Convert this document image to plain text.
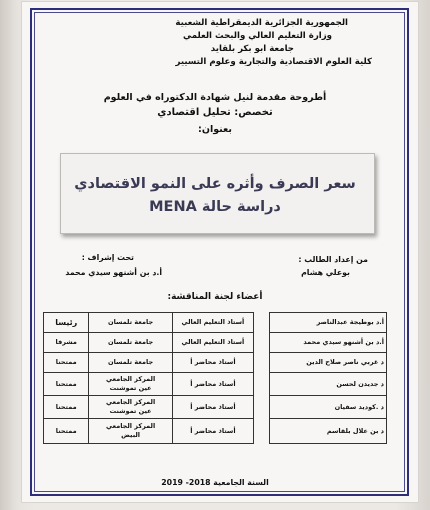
الجمهورية الجزائرية الديمقراطية الشعبية
وزارة التعليم العالي والبحث العلمي
جامعة ابو بكر بلقايد
كلية العلوم الاقتصادية والتجارية وعلوم التسيير
أطروحة مقدمة لنيل شهادة الدكتوراه في العلوم
تخصص: تحليل اقتصادي
بعنوان:
سعر الصرف وأثره على النمو الاقتصادي
دراسة حالة MENA
من إعداد الطالب :
بوعلي هشام
تحت إشراف :
أ.د بن أشنهو سيدي محمد
أعضاء لجنة المناقشة:
أ.د بوطيجة عبدالناصر		أستاذ التعليم العالي	جامعة تلمسان	رئيسا
أ.د بن أشنهو سيدي محمد		أستاذ التعليم العالي	جامعة تلمسان	مشرفا
د غربي ناصر صلاح الدين		أستاذ محاضر أ	جامعة تلمسان	ممتحنا
د جديدن لحسن		أستاذ محاضر أ	المركز الجامعي
عين تموشنت	ممتحنا
د .كوديد سفيان		أستاذ محاضر أ	المركز الجامعي
عين تموشنت	ممتحنا
د بن علال بلقاسم		أستاذ محاضر أ	المركز الجامعي
البيض	ممتحنا
السنة الجامعية 2018- 2019
